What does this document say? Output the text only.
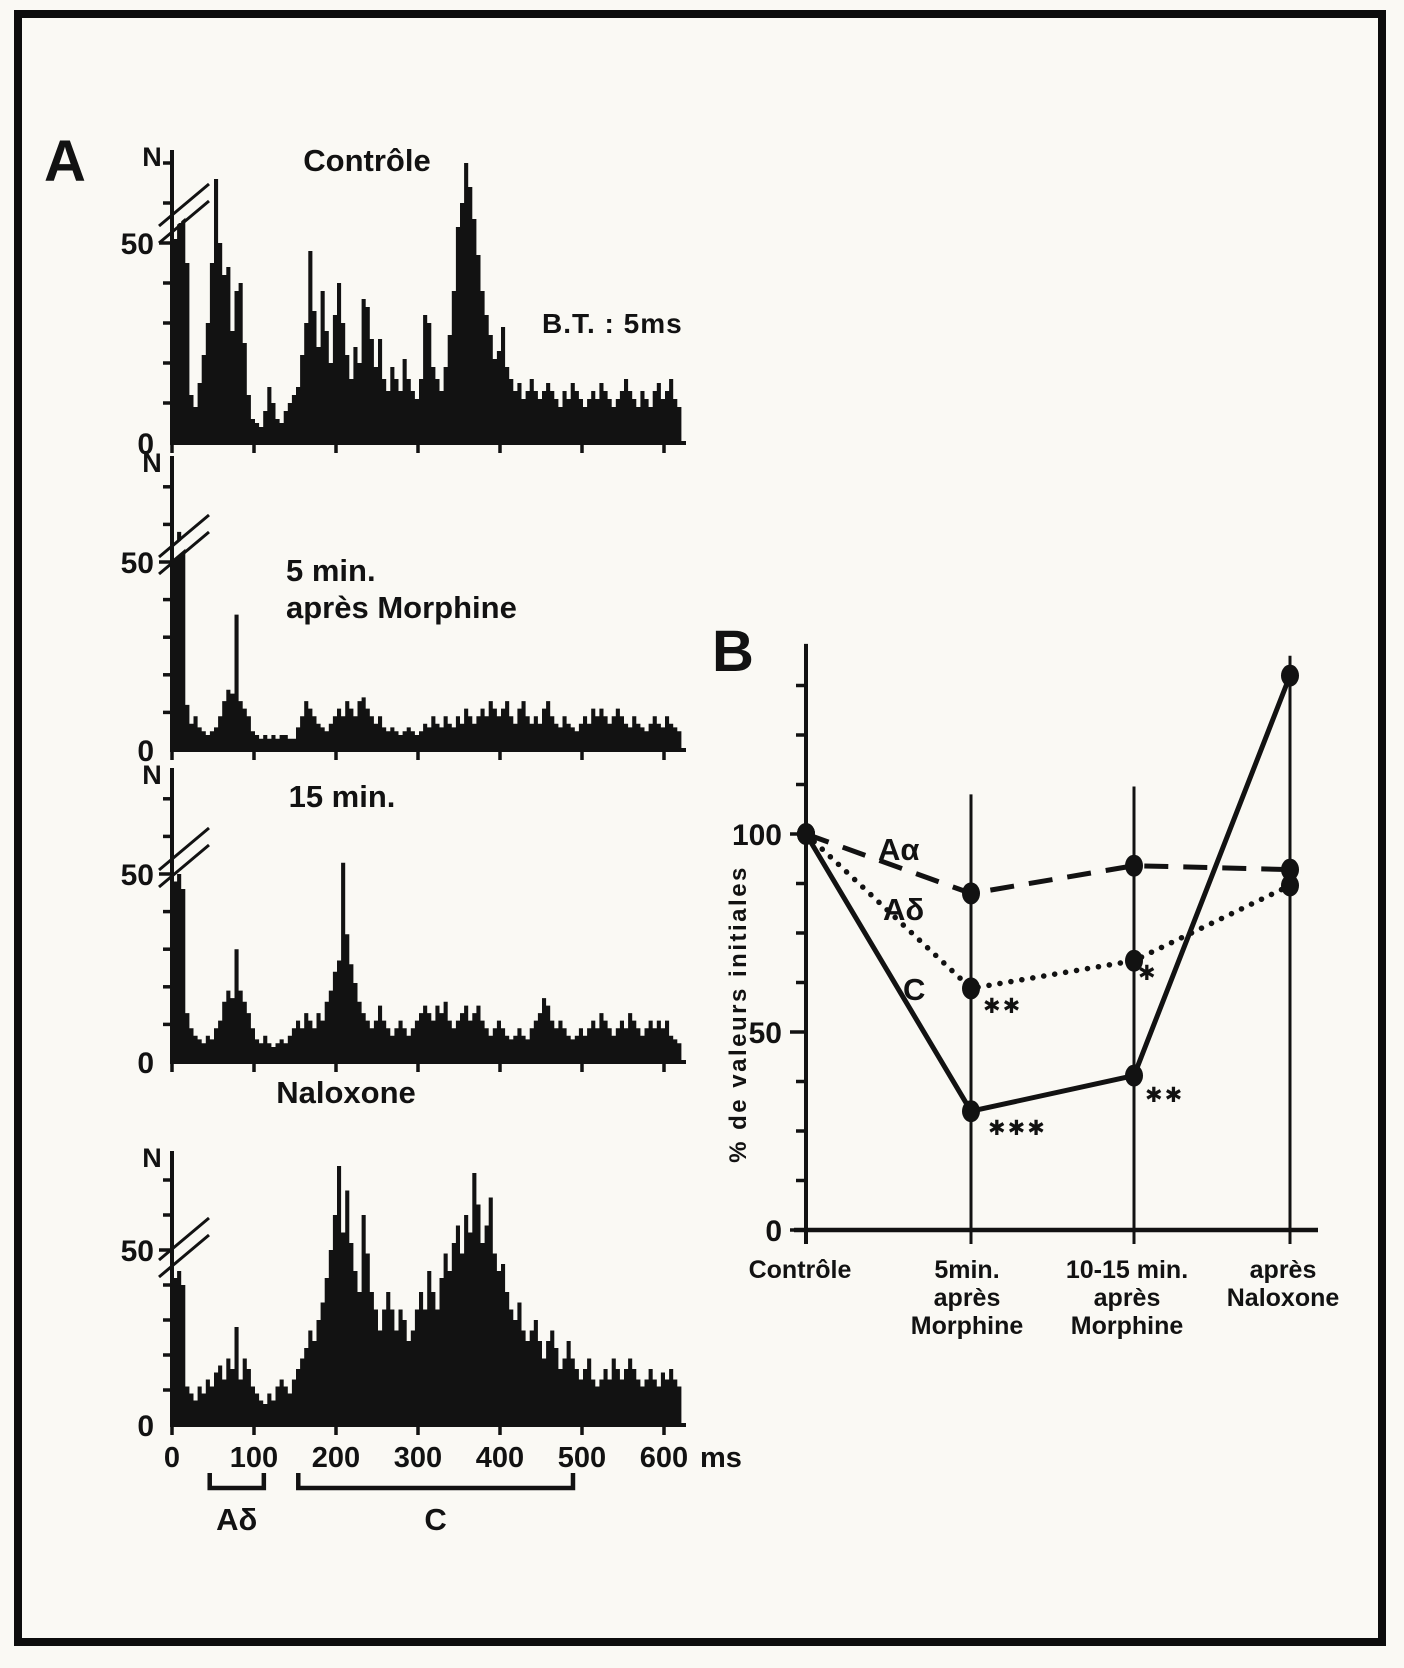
N
50
0
N
50
0
N
50
0
N
50
0
0 100 200 300 400 500 600 ms
Aδ	C
0
50
100
A
B
B.T. : 5ms
% de valeurs initiales
Contrôle
5 min.
après Morphine
15 min.
Naloxone
Aα
Aδ
C	✱✱
✱✱✱
✱
✱✱
Contrôle	5min.
après
Morphine
10-15 min.
après
Morphine
après
Naloxone
